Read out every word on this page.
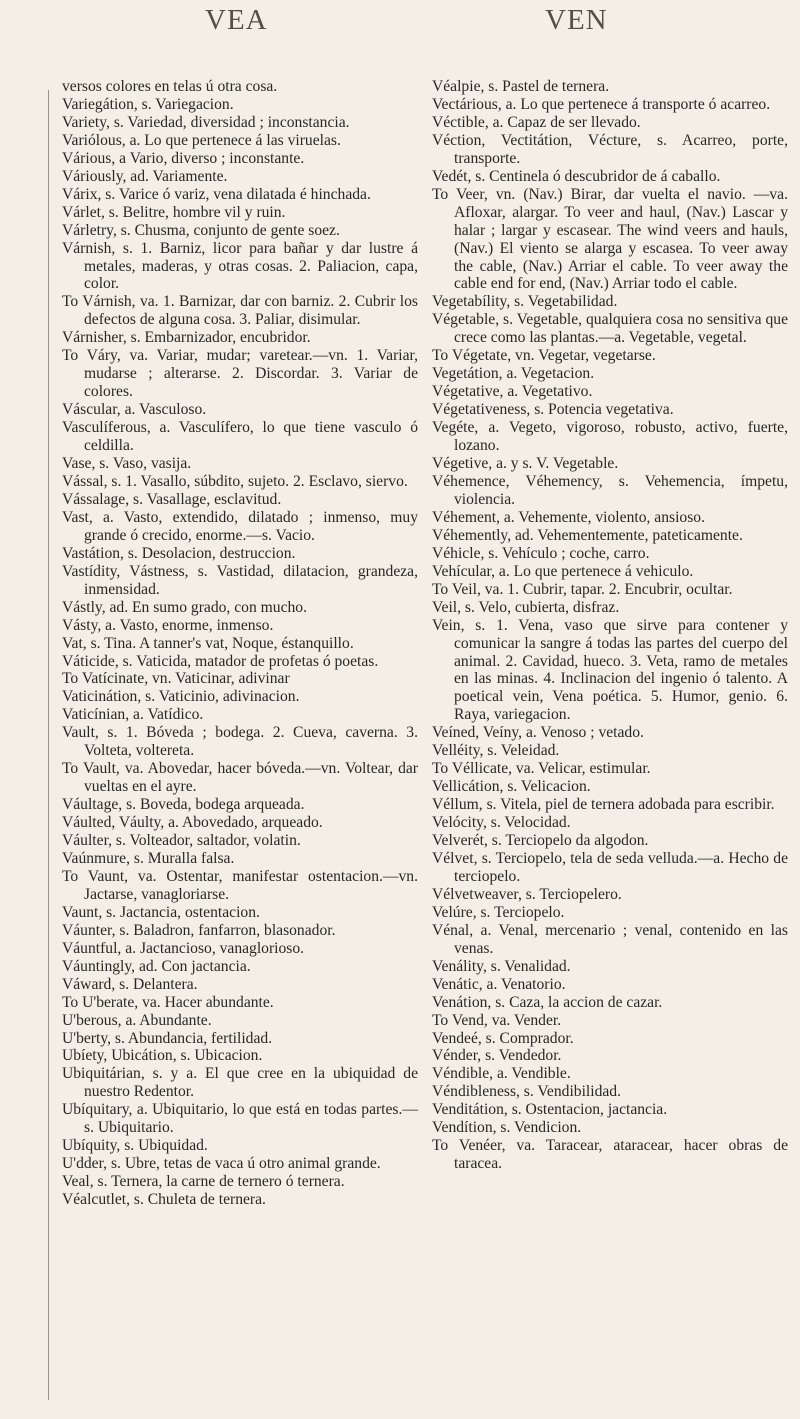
VEA	VEN

versos colores en telas ú otra cosa.

Variegátion, s. Variegacion.

Variety, s. Variedad, diversidad ; inconstancia.

Variólous, a. Lo que pertenece á las viruelas.

Várious, a Vario, diverso ; inconstante.

Váriously, ad. Variamente.

Várix, s. Varice ó variz, vena dilatada é hinchada.

Várlet, s. Belitre, hombre vil y ruin.

Várletry, s. Chusma, conjunto de gente soez.

Várnish, s. 1. Barniz, licor para bañar y dar lustre á metales, maderas, y otras cosas. 2. Paliacion, capa, color.

To Várnish, va. 1. Barnizar, dar con barniz. 2. Cubrir los defectos de alguna cosa. 3. Paliar, disimular.

Várnisher, s. Embarnizador, encubridor.

To Váry, va. Variar, mudar; varetear.—vn. 1. Variar, mudarse ; alterarse. 2. Discordar. 3. Variar de colores.

Váscular, a. Vasculoso.

Vasculíferous, a. Vasculífero, lo que tiene vasculo ó celdilla.

Vase, s. Vaso, vasija.

Vással, s. 1. Vasallo, súbdito, sujeto. 2. Esclavo, siervo.

Vássalage, s. Vasallage, esclavitud.

Vast, a. Vasto, extendido, dilatado ; inmenso, muy grande ó crecido, enorme.—s. Vacio.

Vastátion, s. Desolacion, destruccion.

Vastídity, Vástness, s. Vastidad, dilatacion, grandeza, inmensidad.

Vástly, ad. En sumo grado, con mucho.

Vásty, a. Vasto, enorme, inmenso.

Vat, s. Tina. A tanner's vat, Noque, éstanquillo.

Váticide, s. Vaticida, matador de profetas ó poetas.

To Vatícinate, vn. Vaticinar, adivinar

Vaticinátion, s. Vaticinio, adivinacion.

Vaticínian, a. Vatídico.

Vault, s. 1. Bóveda ; bodega. 2. Cueva, caverna. 3. Volteta, voltereta.

To Vault, va. Abovedar, hacer bóveda.—vn. Voltear, dar vueltas en el ayre.

Váultage, s. Boveda, bodega arqueada.

Váulted, Váulty, a. Abovedado, arqueado.

Váulter, s. Volteador, saltador, volatin.

Vaúnmure, s. Muralla falsa.

To Vaunt, va. Ostentar, manifestar ostentacion.—vn. Jactarse, vanagloriarse.

Vaunt, s. Jactancia, ostentacion.

Váunter, s. Baladron, fanfarron, blasonador.

Váuntful, a. Jactancioso, vanaglorioso.

Váuntingly, ad. Con jactancia.

Váward, s. Delantera.

To U'berate, va. Hacer abundante.

U'berous, a. Abundante.

U'berty, s. Abundancia, fertilidad.

Ubíety, Ubicátion, s. Ubicacion.

Ubiquitárian, s. y a. El que cree en la ubiquidad de nuestro Redentor.

Ubíquitary, a. Ubiquitario, lo que está en todas partes.—s. Ubiquitario.

Ubíquity, s. Ubiquidad.

U'dder, s. Ubre, tetas de vaca ú otro animal grande.

Veal, s. Ternera, la carne de ternero ó ternera.

Véalcutlet, s. Chuleta de ternera.

Véalpie, s. Pastel de ternera.

Vectárious, a. Lo que pertenece á transporte ó acarreo.

Véctible, a. Capaz de ser llevado.

Véction, Vectitátion, Vécture, s. Acarreo, porte, transporte.

Vedét, s. Centinela ó descubridor de á caballo.

To Veer, vn. (Nav.) Birar, dar vuelta el navio. —va. Afloxar, alargar. To veer and haul, (Nav.) Lascar y halar ; largar y escasear. The wind veers and hauls, (Nav.) El viento se alarga y escasea. To veer away the cable, (Nav.) Arriar el cable. To veer away the cable end for end, (Nav.) Arriar todo el cable.

Vegetabílity, s. Vegetabilidad.

Végetable, s. Vegetable, qualquiera cosa no sensitiva que crece como las plantas.—a. Vegetable, vegetal.

To Végetate, vn. Vegetar, vegetarse.

Vegetátion, a. Vegetacion.

Végetative, a. Vegetativo.

Végetativeness, s. Potencia vegetativa.

Vegéte, a. Vegeto, vigoroso, robusto, activo, fuerte, lozano.

Végetive, a. y s. V. Vegetable.

Véhemence, Véhemency, s. Vehemencia, ímpetu, violencia.

Véhement, a. Vehemente, violento, ansioso.

Véhemently, ad. Vehementemente, pateticamente.

Véhicle, s. Vehículo ; coche, carro.

Vehícular, a. Lo que pertenece á vehiculo.

To Veil, va. 1. Cubrir, tapar. 2. Encubrir, ocultar.

Veil, s. Velo, cubierta, disfraz.

Vein, s. 1. Vena, vaso que sirve para contener y comunicar la sangre á todas las partes del cuerpo del animal. 2. Cavidad, hueco. 3. Veta, ramo de metales en las minas. 4. Inclinacion del ingenio ó talento. A poetical vein, Vena poética. 5. Humor, genio. 6. Raya, variegacion.

Veíned, Veíny, a. Venoso ; vetado.

Velléity, s. Veleidad.

To Véllicate, va. Velicar, estimular.

Vellicátion, s. Velicacion.

Véllum, s. Vitela, piel de ternera adobada para escribir.

Velócity, s. Velocidad.

Velverét, s. Terciopelo da algodon.

Vélvet, s. Terciopelo, tela de seda velluda.—a. Hecho de terciopelo.

Vélvetweaver, s. Terciopelero.

Velúre, s. Terciopelo.

Vénal, a. Venal, mercenario ; venal, contenido en las venas.

Venálity, s. Venalidad.

Venátic, a. Venatorio.

Venátion, s. Caza, la accion de cazar.

To Vend, va. Vender.

Vendeé, s. Comprador.

Vénder, s. Vendedor.

Véndible, a. Vendible.

Véndibleness, s. Vendibilidad.

Venditátion, s. Ostentacion, jactancia.

Vendítion, s. Vendicion.

To Venéer, va. Taracear, ataracear, hacer obras de taracea.
